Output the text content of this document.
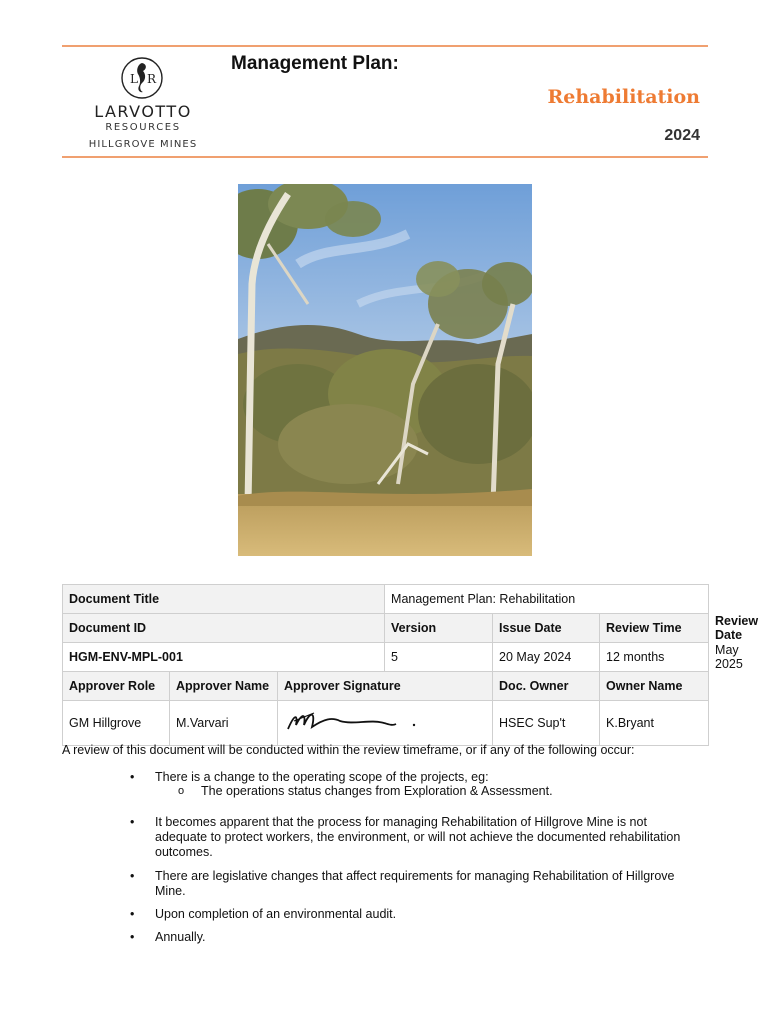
L R
LARVOTTO
RESOURCES
HILLGROVE MINES
Management Plan:
Rehabilitation
2024
Document Title			Management Plan: Rehabilitation			
Document ID			Version	Issue Date	Review Time	Review Date
HGM-ENV-MPL-001			5	20 May 2024	12 months	May 2025
Approver Role	Approver Name	Approver Signature		Doc. Owner	Owner Name	
GM Hillgrove	M.Varvari			HSEC Sup't	K.Bryant	
A review of this document will be conducted within the review timeframe, or if any of the following occur:
• There is a change to the operating scope of the projects, eg:
o The operations status changes from Exploration & Assessment.
• It becomes apparent that the process for managing Rehabilitation of Hillgrove Mine is not adequate to protect workers, the environment, or will not achieve the documented rehabilitation outcomes.
• There are legislative changes that affect requirements for managing Rehabilitation of Hillgrove Mine.
• Upon completion of an environmental audit.
• Annually.
